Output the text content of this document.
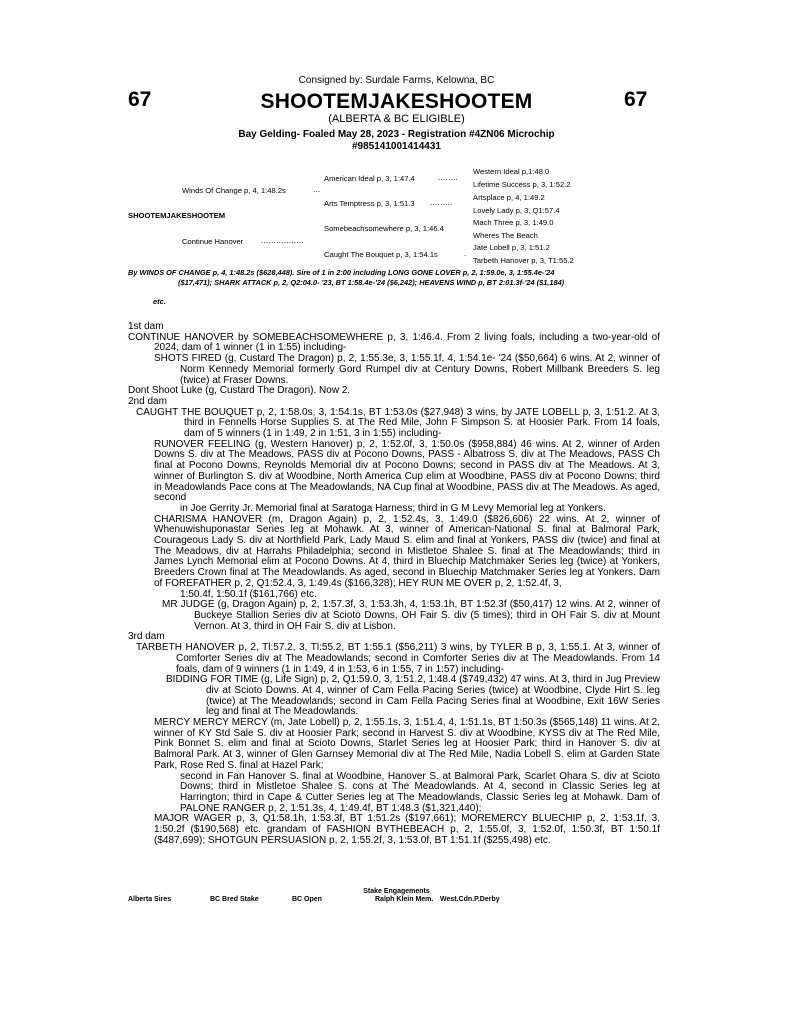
Consigned by: Surdale Farms, Kelowna, BC
67	67
SHOOTEMJAKESHOOTEM
(ALBERTA & BC ELIGIBLE)
Bay Gelding- Foaled May 28, 2023 - Registration #4ZN06 Microchip
#985141001414431
SHOOTEMJAKESHOOTEM
Winds Of Change p, 4, 1:48.2s	...
Continue Hanover .................
American Ideal p, 3, 1:47.4	........
Arts Temptress p, 3, 1:51.3 .........
Somebeachsomewhere p, 3, 1:46.4
Caught The Bouquet p, 3, 1:54.1s	.
Western Ideal p,1:48.0
Lifetime Success p, 3, 1:52.2
Artsplace p, 4, 1:49.2
Lovely Lady p, 3, Q1:57.4
Mach Three p, 3, 1:49.0
Wheres The Beach
Jate Lobell p, 3, 1:51.2
Tarbeth Hanover p, 3, T1:55.2
By WINDS OF CHANGE p, 4, 1:48.2s ($628,448). Sire of 1 in 2:00 including LONG GONE LOVER p, 2, 1:59.0e, 3, 1:55.4e-'24
($17,471); SHARK ATTACK p, 2, Q2:04.0- '23, BT 1:58.4e-'24 ($6,242); HEAVENS WIND p, BT 2:01.3f-'24 ($1,184)
etc.

1st dam

CONTINUE HANOVER by SOMEBEACHSOMEWHERE p, 3, 1:46.4. From 2 living foals, including a two-year-old of 2024, dam of 1 winner (1 in 1:55) including-

SHOTS FIRED (g, Custard The Dragon) p, 2, 1:55.3e, 3, 1:55.1f, 4, 1:54.1e- '24 ($50,664) 6 wins. At 2, winner of Norm Kennedy Memorial formerly Gord Rumpel div at Century Downs, Robert Millbank Breeders S. leg (twice) at Fraser Downs.

Dont Shoot Luke (g, Custard The Dragon). Now 2.

2nd dam

CAUGHT THE BOUQUET p, 2, 1:58.0s, 3, 1:54.1s, BT 1:53.0s ($27,948) 3 wins, by JATE LOBELL p, 3, 1:51.2. At 3, third in Fennells Horse Supplies S. at The Red Mile, John F Simpson S. at Hoosier Park. From 14 foals, dam of 5 winners (1 in 1:49, 2 in 1:51, 3 in 1:55) including-

RUNOVER FEELING (g, Western Hanover) p, 2, 1:52.0f, 3, 1:50.0s ($958,884) 46 wins. At 2, winner of Arden Downs S. div at The Meadows, PASS div at Pocono Downs, PASS - Albatross S. div at The Meadows, PASS Ch final at Pocono Downs, Reynolds Memorial div at Pocono Downs; second in PASS div at The Meadows. At 3, winner of Burlington S. div at Woodbine, North America Cup elim at Woodbine, PASS div at Pocono Downs; third in Meadowlands Pace cons at The Meadowlands, NA Cup final at Woodbine, PASS div at The Meadows. As aged, second

in Joe Gerrity Jr. Memorial final at Saratoga Harness; third in G M Levy Memorial leg at Yonkers.

CHARISMA HANOVER (m, Dragon Again) p, 2, 1:52.4s, 3, 1:49.0 ($826,606) 22 wins. At 2, winner of Whenuwishuponastar Series leg at Mohawk. At 3, winner of American-National S. final at Balmoral Park, Courageous Lady S. div at Northfield Park, Lady Maud S. elim and final at Yonkers, PASS div (twice) and final at The Meadows, div at Harrahs Philadelphia; second in Mistletoe Shalee S. final at The Meadowlands; third in James Lynch Memorial elim at Pocono Downs. At 4, third in Bluechip Matchmaker Series leg (twice) at Yonkers, Breeders Crown final at The Meadowlands. As aged, second in Bluechip Matchmaker Series leg at Yonkers. Dam of FOREFATHER p, 2, Q1:52.4, 3, 1:49.4s ($166,328); HEY RUN ME OVER p, 2, 1:52.4f, 3,

1:50.4f, 1:50.1f ($161,766) etc.

MR JUDGE (g, Dragon Again) p, 2, 1:57.3f, 3, 1:53.3h, 4, 1:53.1h, BT 1:52.3f ($50,417) 12 wins. At 2, winner of Buckeye Stallion Series div at Scioto Downs, OH Fair S. div (5 times); third in OH Fair S. div at Mount Vernon. At 3, third in OH Fair S. div at Lisbon.

3rd dam

TARBETH HANOVER p, 2, Tl:57.2, 3, Tl:55.2, BT 1:55.1 ($56,211) 3 wins, by TYLER B p, 3, 1:55.1. At 3, winner of Comforter Series div at The Meadowlands; second in Comforter Series div at The Meadowlands. From 14 foals, dam of 9 winners (1 in 1:49, 4 in 1:53, 6 in 1:55, 7 in 1:57) including-

BIDDING FOR TIME (g, Life Sign) p, 2, Q1:59.0, 3, 1:51.2, 1:48.4 ($749,432) 47 wins. At 3, third in Jug Preview div at Scioto Downs. At 4, winner of Cam Fella Pacing Series (twice) at Woodbine, Clyde Hirt S. leg (twice) at The Meadowlands; second in Cam Fella Pacing Series final at Woodbine, Exit 16W Series leg and final at The Meadowlands.

MERCY MERCY MERCY (m, Jate Lobell) p, 2, 1:55.1s, 3, 1:51.4, 4, 1:51.1s, BT 1:50.3s ($565,148) 11 wins. At 2, winner of KY Std Sale S. div at Hoosier Park; second in Harvest S. div at Woodbine, KYSS div at The Red Mile, Pink Bonnet S. elim and final at Scioto Downs, Starlet Series leg at Hoosier Park; third in Hanover S. div at Balmoral Park. At 3, winner of Glen Garnsey Memorial div at The Red Mile, Nadia Lobell S. elim at Garden State Park, Rose Red S. final at Hazel Park;

second in Fan Hanover S. final at Woodbine, Hanover S. at Balmoral Park, Scarlet Ohara S. div at Scioto Downs; third in Mistletoe Shalee S. cons at The Meadowlands. At 4, second in Classic Series leg at Harrington; third in Cape & Cutter Series leg at The Meadowlands, Classic Series leg at Mohawk. Dam of PALONE RANGER p, 2, 1:51.3s, 4, 1:49.4f, BT 1:48.3 ($1,321,440);

MAJOR WAGER p, 3, Q1:58.1h, 1:53.3f, BT 1:51.2s ($197,661); MOREMERCY BLUECHIP p, 2, 1:53.1f, 3, 1:50.2f ($190,568) etc. grandam of FASHION BYTHEBEACH p, 2, 1:55.0f, 3, 1:52.0f, 1:50.3f, BT 1:50.1f ($487,699); SHOTGUN PERSUASION p, 2, 1:55.2f, 3, 1:53.0f, BT 1:51.1f ($255,498) etc.

Stake Engagements
Alberta Sires	BC Bred Stake	BC Open	Ralph Klein Mem. West.Cdn.P.Derby
